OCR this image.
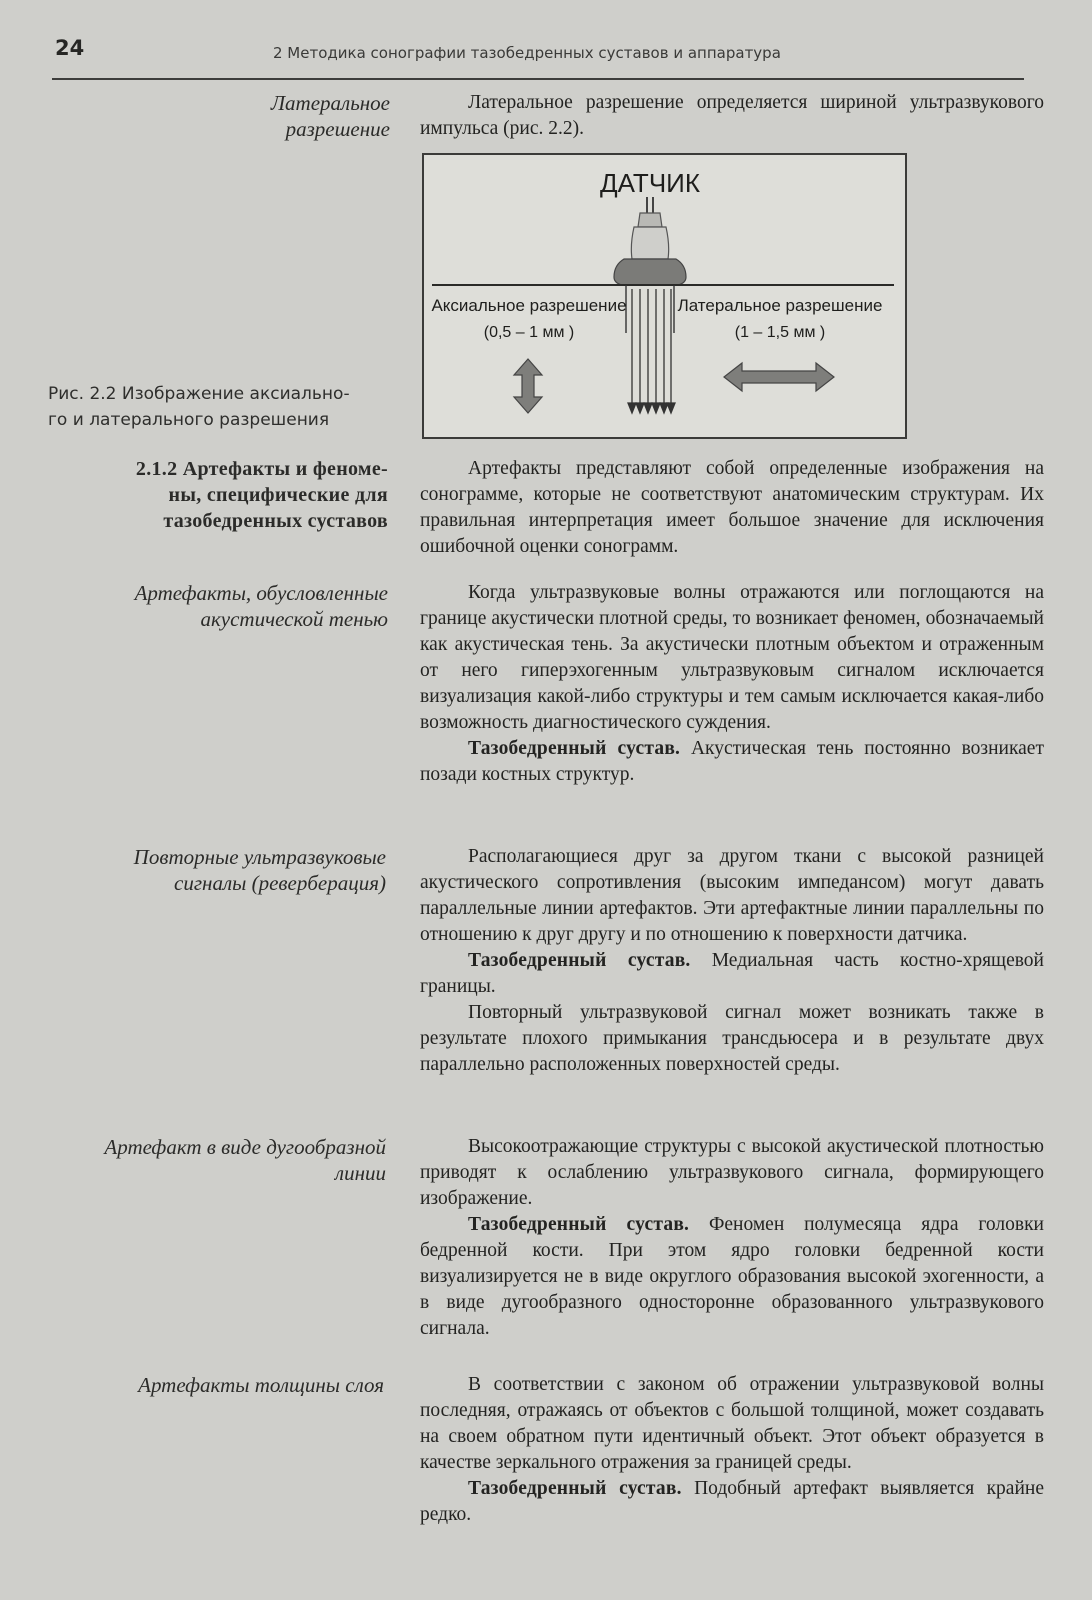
24	2 Методика сонографии тазобедренных суставов и аппаратура
Латеральное
разрешение
Рис. 2.2 Изображение аксиально-
го и латерального разрешения
2.1.2 Артефакты и феноме-
ны, специфические для
тазобедренных суставов
Артефакты, обусловленные
акустической тенью
Повторные ультразвуковые
сигналы (реверберация)
Артефакт в виде дугообразной
линии
Артефакты толщины слоя

Латеральное разрешение определяется шириной ультразвукового импульса (рис. 2.2).

ДАТЧИК
Аксиальное разрешение
(0,5 – 1 мм )
Латеральное разрешение
(1 – 1,5 мм )

Артефакты представляют собой определенные изображения на сонограмме, которые не соответствуют анатомическим структурам. Их правильная интерпретация имеет большое значение для исключения ошибочной оценки сонограмм.

Когда ультразвуковые волны отражаются или поглощаются на границе акустически плотной среды, то возникает феномен, обозначаемый как акустическая тень. За акустически плотным объектом и отраженным от него гиперэхогенным ультразвуковым сигналом исключается визуализация какой-либо структуры и тем самым исключается какая-либо возможность диагностического суждения.

Тазобедренный сустав. Акустическая тень постоянно возникает позади костных структур.

Располагающиеся друг за другом ткани с высокой разницей акустического сопротивления (высоким импедансом) могут давать параллельные линии артефактов. Эти артефактные линии параллельны по отношению к друг другу и по отношению к поверхности датчика.

Тазобедренный сустав. Медиальная часть костно-хрящевой границы.

Повторный ультразвуковой сигнал может возникать также в результате плохого примыкания трансдьюсера и в результате двух параллельно расположенных поверхностей среды.

Высокоотражающие структуры с высокой акустической плотностью приводят к ослаблению ультразвукового сигнала, формирующего изображение.

Тазобедренный сустав. Феномен полумесяца ядра головки бедренной кости. При этом ядро головки бедренной кости визуализируется не в виде округлого образования высокой эхогенности, а в виде дугообразного односторонне образованного ультразвукового сигнала.

В соответствии с законом об отражении ультразвуковой волны последняя, отражаясь от объектов с большой толщиной, может создавать на своем обратном пути идентичный объект. Этот объект образуется в качестве зеркального отражения за границей среды.

Тазобедренный сустав. Подобный артефакт выявляется крайне редко.
